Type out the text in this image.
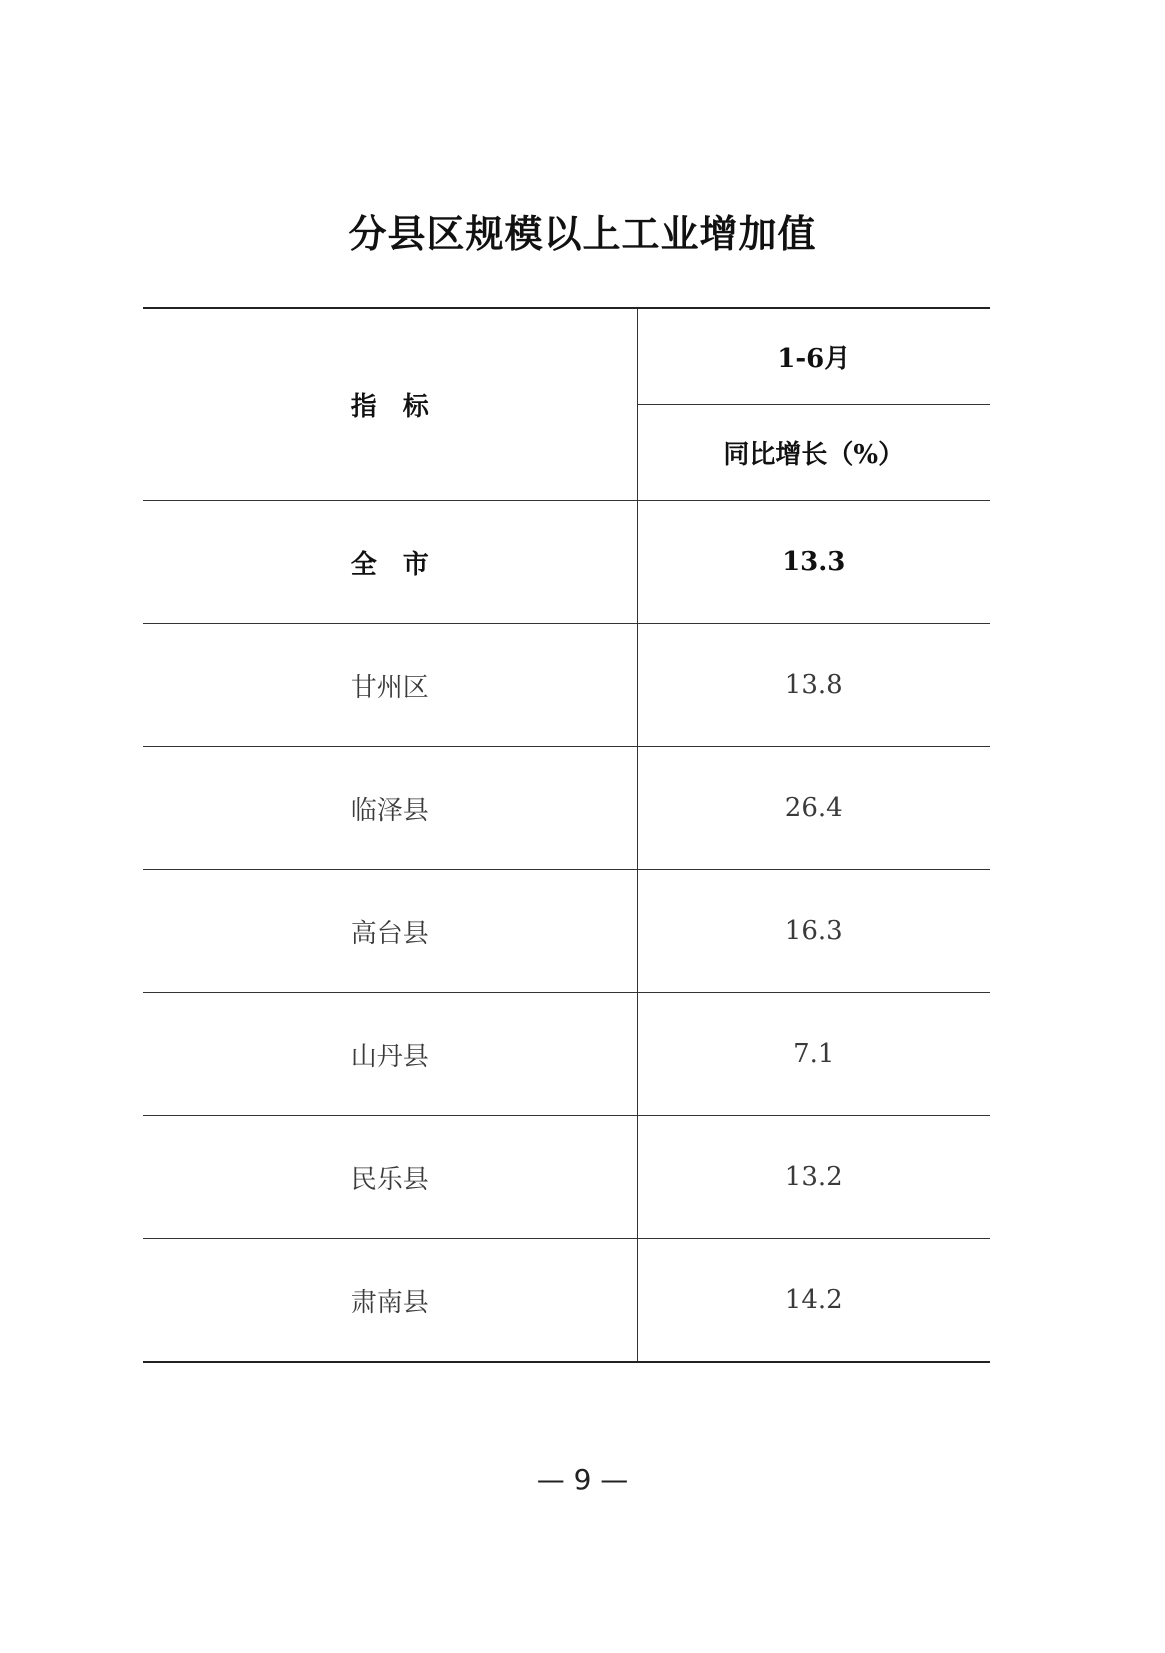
分县区规模以上工业增加值
指　标	1-6月
	同比增长（%）
全　市	13.3
甘州区	13.8
临泽县	26.4
高台县	16.3
山丹县	7.1
民乐县	13.2
肃南县	14.2
— 9 —
